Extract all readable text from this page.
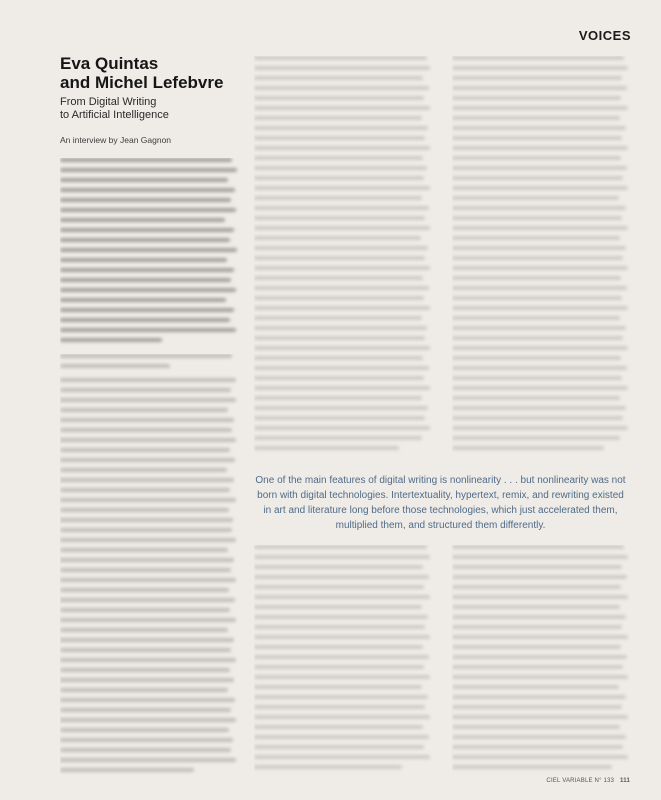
VOICES
Eva Quintas
and Michel Lefebvre
From Digital Writing
to Artificial Intelligence
An interview by Jean Gagnon
One of the main features of digital writing is nonlinearity . . . but nonlinearity was not born with digital technologies. Intertextuality, hypertext, remix, and rewriting existed in art and literature long before those technologies, which just accelerated them, multiplied them, and structured them differently.
CIEL VARIABLE N° 133 111
